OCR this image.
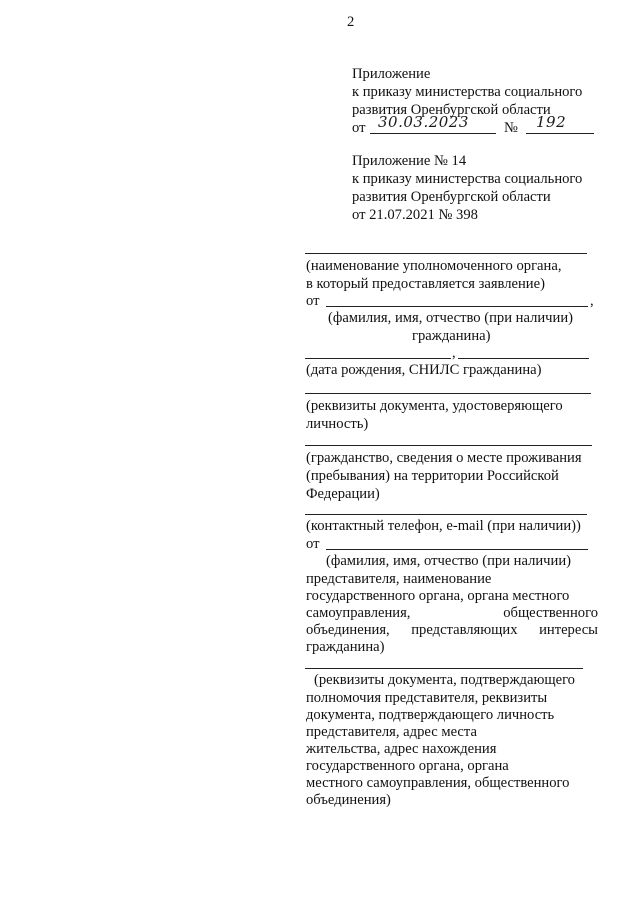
2
Приложение
к приказу министерства социального
развития Оренбургской области
от 30.03.2023 № 192
Приложение № 14
к приказу министерства социального
развития Оренбургской области
от 21.07.2021 № 398
(наименование уполномоченного органа,
в который предоставляется заявление)
от	,
(фамилия, имя, отчество (при наличии)
гражданина)
,
(дата рождения, СНИЛС гражданина)
(реквизиты документа, удостоверяющего
личность)
(гражданство, сведения о месте проживания
(пребывания) на территории Российской
Федерации)
(контактный телефон, e-mail (при наличии))
от
(фамилия, имя, отчество (при наличии)
представителя, наименование
государственного органа, органа местного
самоуправления,	общественного
объединения, представляющих интересы
гражданина)
(реквизиты документа, подтверждающего
полномочия представителя, реквизиты
документа, подтверждающего личность
представителя, адрес места
жительства, адрес нахождения
государственного органа, органа
местного самоуправления, общественного
объединения)
